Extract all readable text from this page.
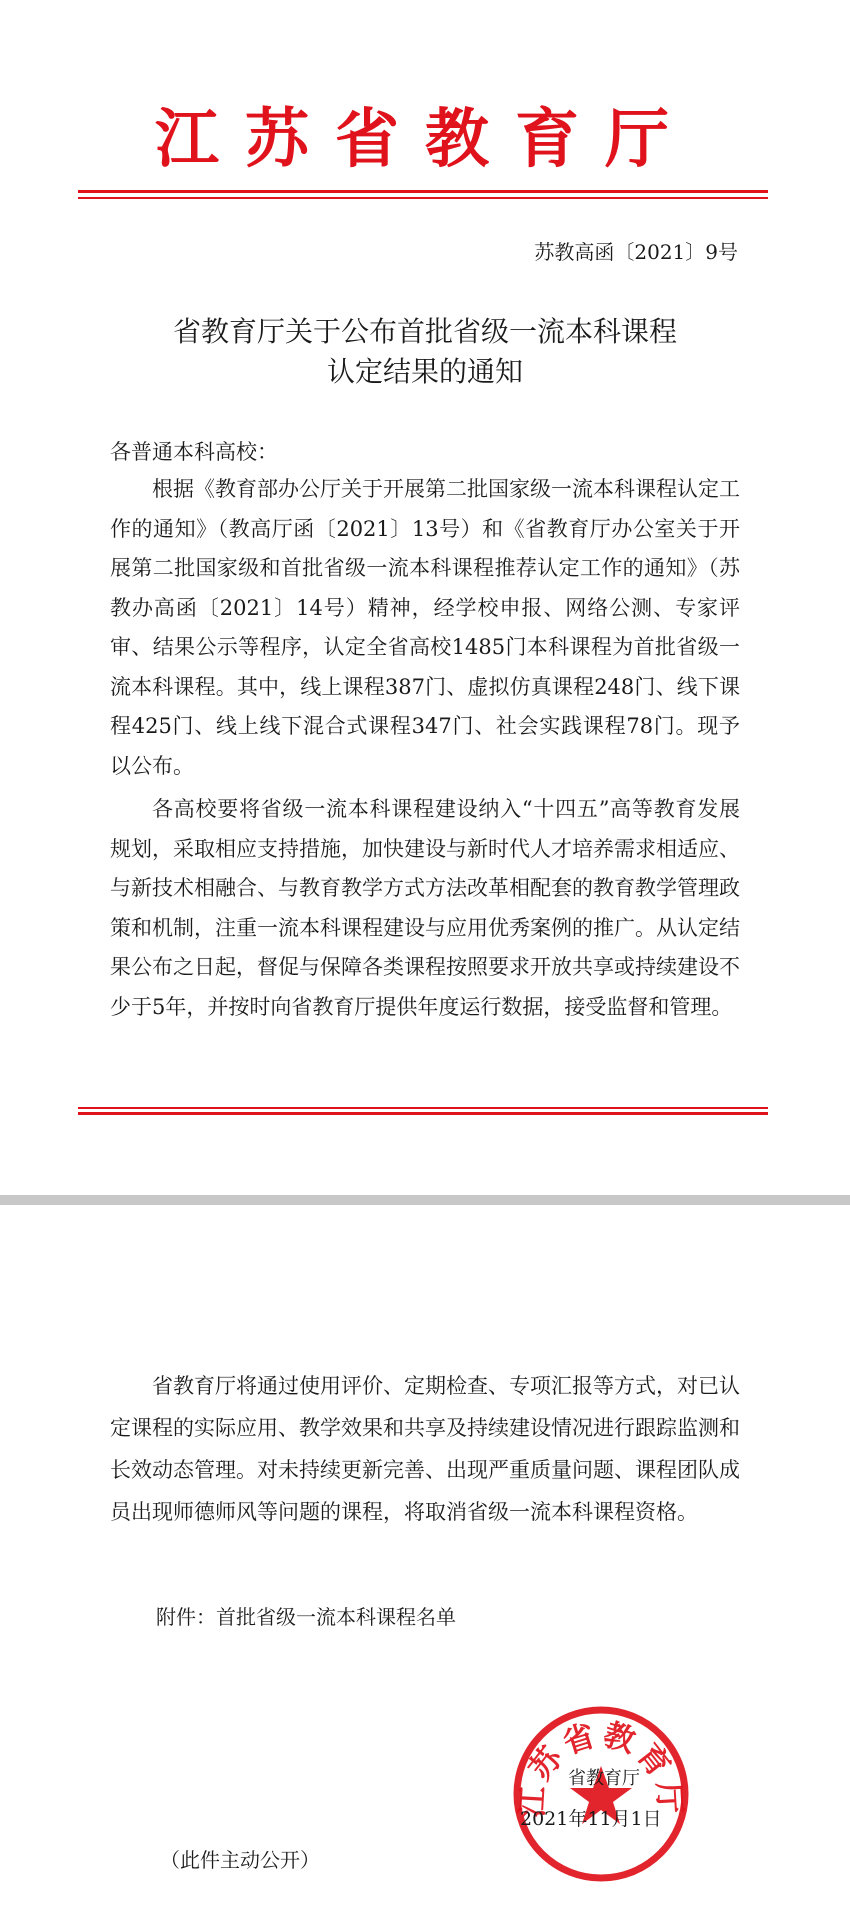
江苏省教育厅
苏教高函〔2021〕9号
省教育厅关于公布首批省级一流本科课程
认定结果的通知
各普通本科高校：
根据《教育部办公厅关于开展第二批国家级一流本科课程认定工作的通知》（教高厅函〔2021〕13号）和《省教育厅办公室关于开展第二批国家级和首批省级一流本科课程推荐认定工作的通知》（苏教办高函〔2021〕14号）精神，经学校申报、网络公测、专家评审、结果公示等程序，认定全省高校1485门本科课程为首批省级一流本科课程。其中，线上课程387门、虚拟仿真课程248门、线下课程425门、线上线下混合式课程347门、社会实践课程78门。现予以公布。
各高校要将省级一流本科课程建设纳入“十四五”高等教育发展规划，采取相应支持措施，加快建设与新时代人才培养需求相适应、与新技术相融合、与教育教学方式方法改革相配套的教育教学管理政策和机制，注重一流本科课程建设与应用优秀案例的推广。从认定结果公布之日起，督促与保障各类课程按照要求开放共享或持续建设不少于5年，并按时向省教育厅提供年度运行数据，接受监督和管理。
省教育厅将通过使用评价、定期检查、专项汇报等方式，对已认定课程的实际应用、教学效果和共享及持续建设情况进行跟踪监测和长效动态管理。对未持续更新完善、出现严重质量问题、课程团队成员出现师德师风等问题的课程，将取消省级一流本科课程资格。
附件：首批省级一流本科课程名单
江苏省教育厅
省教育厅
2021年11月1日
（此件主动公开）
